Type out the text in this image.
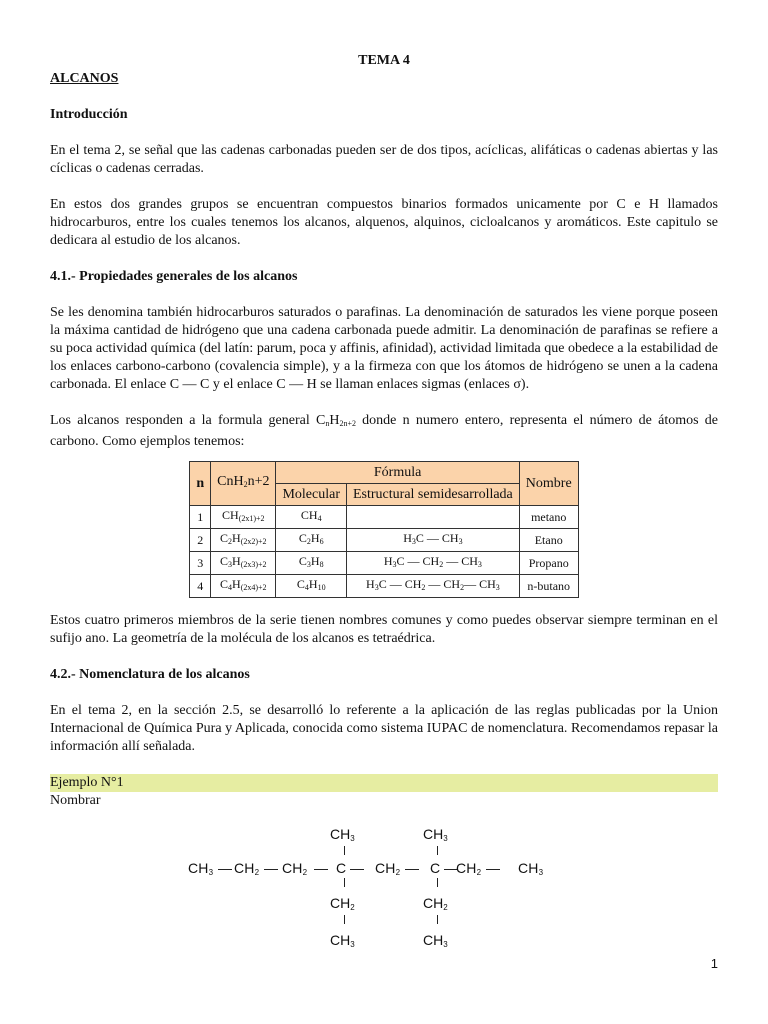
TEMA 4

ALCANOS

Introducción

En el tema 2, se señal que las cadenas carbonadas pueden ser de dos tipos, acíclicas, alifáticas o cadenas abiertas y las cíclicas o cadenas cerradas.

En estos dos grandes grupos se encuentran compuestos binarios formados unicamente por C e H llamados hidrocarburos, entre los cuales tenemos los alcanos, alquenos, alquinos, cicloalcanos y aromáticos. Este capitulo se dedicara al estudio de los alcanos.

4.1.- Propiedades generales de los alcanos

Se les denomina también hidrocarburos saturados o parafinas. La denominación de saturados les viene porque poseen la máxima cantidad de hidrógeno que una cadena carbonada puede admitir. La denominación de parafinas se refiere a su poca actividad química (del latín: parum, poca y affinis, afinidad), actividad limitada que obedece a la estabilidad de los enlaces carbono-carbono (covalencia simple), y a la firmeza con que los átomos de hidrógeno se unen a la cadena carbonada. El enlace C — C y el enlace C — H se llaman enlaces sigmas (enlaces σ).

Los alcanos responden a la formula general $C_nH_{2n+2}$ donde n numero entero, representa el número de átomos de carbono. Como ejemplos tenemos:

n	CnH$_2$n+2	Fórmula		Nombre
		Molecular	Estructural semidesarrollada	
1	$CH_{(2x1)+2}$	$CH_4$		metano
2	$C_2H_{(2x2)+2}$	$C_2H_6$	$H_3C$ — $CH_3$	Etano
3	$C_3H_{(2x3)+2}$	$C_3H_8$	$H_3C$ — $CH_2$ — $CH_3$	Propano
4	$C_4H_{(2x4)+2}$	$C_4H_{10}$	$H_3C$ — $CH_2$ — $CH_2—$ $CH_3$	n-butano

Estos cuatro primeros miembros de la serie tienen nombres comunes y como puedes observar siempre terminan en el sufijo ano. La geometría de la molécula de los alcanos es tetraédrica.

4.2.- Nomenclatura de los alcanos

En el tema 2, en la sección 2.5, se desarrolló lo referente a la aplicación de las reglas publicadas por la Union Internacional de Química Pura y Aplicada, conocida como sistema IUPAC de nomenclatura. Recomendamos repasar la información allí señalada.

Ejemplo N°1

Nombrar

$CH_3$	$CH_3$
$CH_3$ — $CH_2$ — $CH_2$ — C — $CH_2$ — C —
$CH_2$ — $CH_3$
$CH_2$	$CH_2$
$CH_3$	$CH_3$
1
